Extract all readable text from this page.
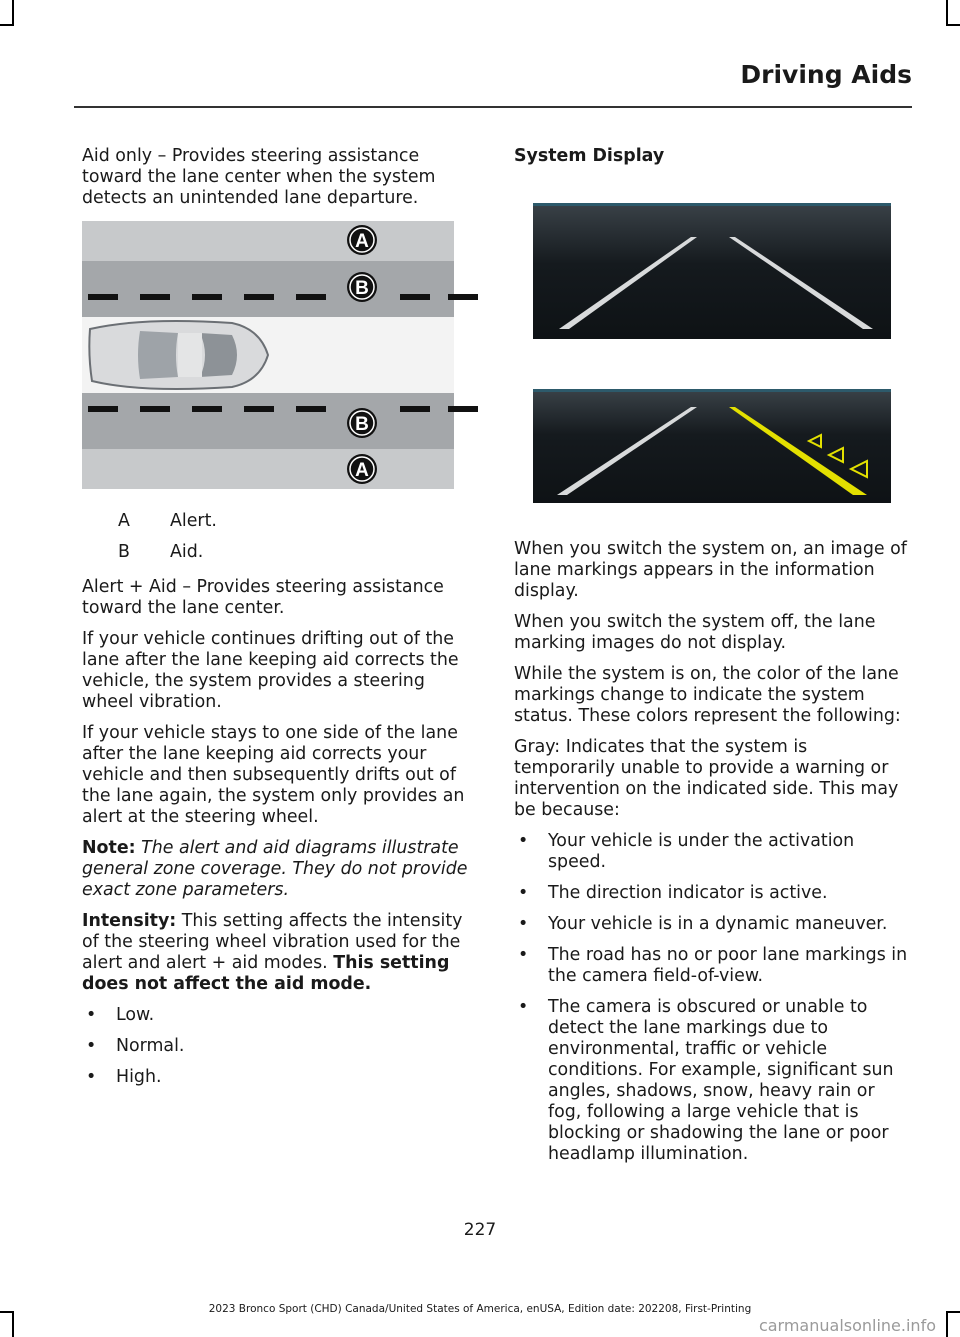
Driving Aids

Aid only – Provides steering assistance toward the lane center when the system detects an unintended lane departure.

A
B
B
A
A	Alert.
B	Aid.

Alert + Aid – Provides steering assistance toward the lane center.

If your vehicle continues drifting out of the lane after the lane keeping aid corrects the vehicle, the system provides a steering wheel vibration.

If your vehicle stays to one side of the lane after the lane keeping aid corrects your vehicle and then subsequently drifts out of the lane again, the system only provides an alert at the steering wheel.

Note: The alert and aid diagrams illustrate general zone coverage. They do not provide exact zone parameters.

Intensity: This setting affects the intensity of the steering wheel vibration used for the alert and alert + aid modes. This setting does not affect the aid mode.

•	Low.
•	Normal.
•	High.

System Display

When you switch the system on, an image of lane markings appears in the information display.

When you switch the system off, the lane marking images do not display.

While the system is on, the color of the lane markings change to indicate the system status. These colors represent the following:

Gray: Indicates that the system is temporarily unable to provide a warning or intervention on the indicated side. This may be because:

•	Your vehicle is under the activation speed.
•	The direction indicator is active.
•	Your vehicle is in a dynamic maneuver.
•	The road has no or poor lane markings in the camera field-of-view.
•	The camera is obscured or unable to detect the lane markings due to environmental, traffic or vehicle conditions. For example, significant sun angles, shadows, snow, heavy rain or fog, following a large vehicle that is blocking or shadowing the lane or poor headlamp illumination.
227
2023 Bronco Sport (CHD) Canada/United States of America, enUSA, Edition date: 202208, First-Printing
carmanualsonline.info
